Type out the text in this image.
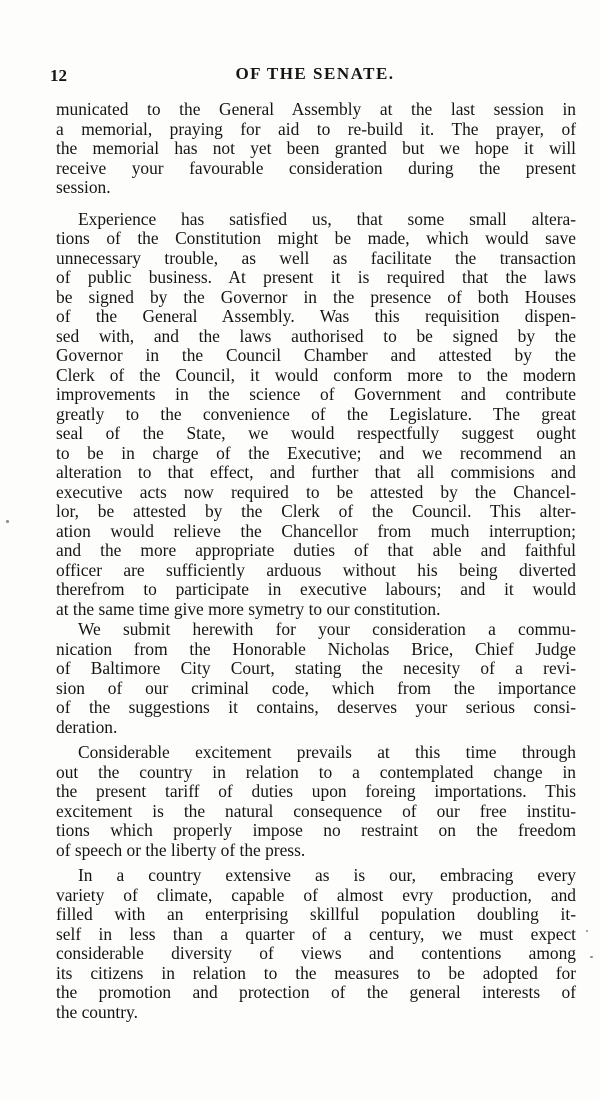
12	OF THE SENATE.

municated to the General Assembly at the last session in
a memorial, praying for aid to re-build it. The prayer, of
the memorial has not yet been granted but we hope it will
receive your favourable consideration during the present
session.

Experience has satisfied us, that some small altera-
tions of the Constitution might be made, which would save
unnecessary trouble, as well as facilitate the transaction
of public business. At present it is required that the laws
be signed by the Governor in the presence of both Houses
of the General Assembly. Was this requisition dispen-
sed with, and the laws authorised to be signed by the
Governor in the Council Chamber and attested by the
Clerk of the Council, it would conform more to the modern
improvements in the science of Government and contribute
greatly to the convenience of the Legislature. The great
seal of the State, we would respectfully suggest ought
to be in charge of the Executive; and we recommend an
alteration to that effect, and further that all commisions and
executive acts now required to be attested by the Chancel-
lor, be attested by the Clerk of the Council. This alter-
ation would relieve the Chancellor from much interruption;
and the more appropriate duties of that able and faithful
officer are sufficiently arduous without his being diverted
therefrom to participate in executive labours; and it would
at the same time give more symetry to our constitution.

We submit herewith for your consideration a commu-
nication from the Honorable Nicholas Brice, Chief Judge
of Baltimore City Court, stating the necesity of a revi-
sion of our criminal code, which from the importance
of the suggestions it contains, deserves your serious consi-
deration.

Considerable excitement prevails at this time through
out the country in relation to a contemplated change in
the present tariff of duties upon foreing importations. This
excitement is the natural consequence of our free institu-
tions which properly impose no restraint on the freedom
of speech or the liberty of the press.

In a country extensive as is our, embracing every
variety of climate, capable of almost evry production, and
filled with an enterprising skillful population doubling it-
self in less than a quarter of a century, we must expect
considerable diversity of views and contentions among
its citizens in relation to the measures to be adopted for
the promotion and protection of the general interests of
the country.
